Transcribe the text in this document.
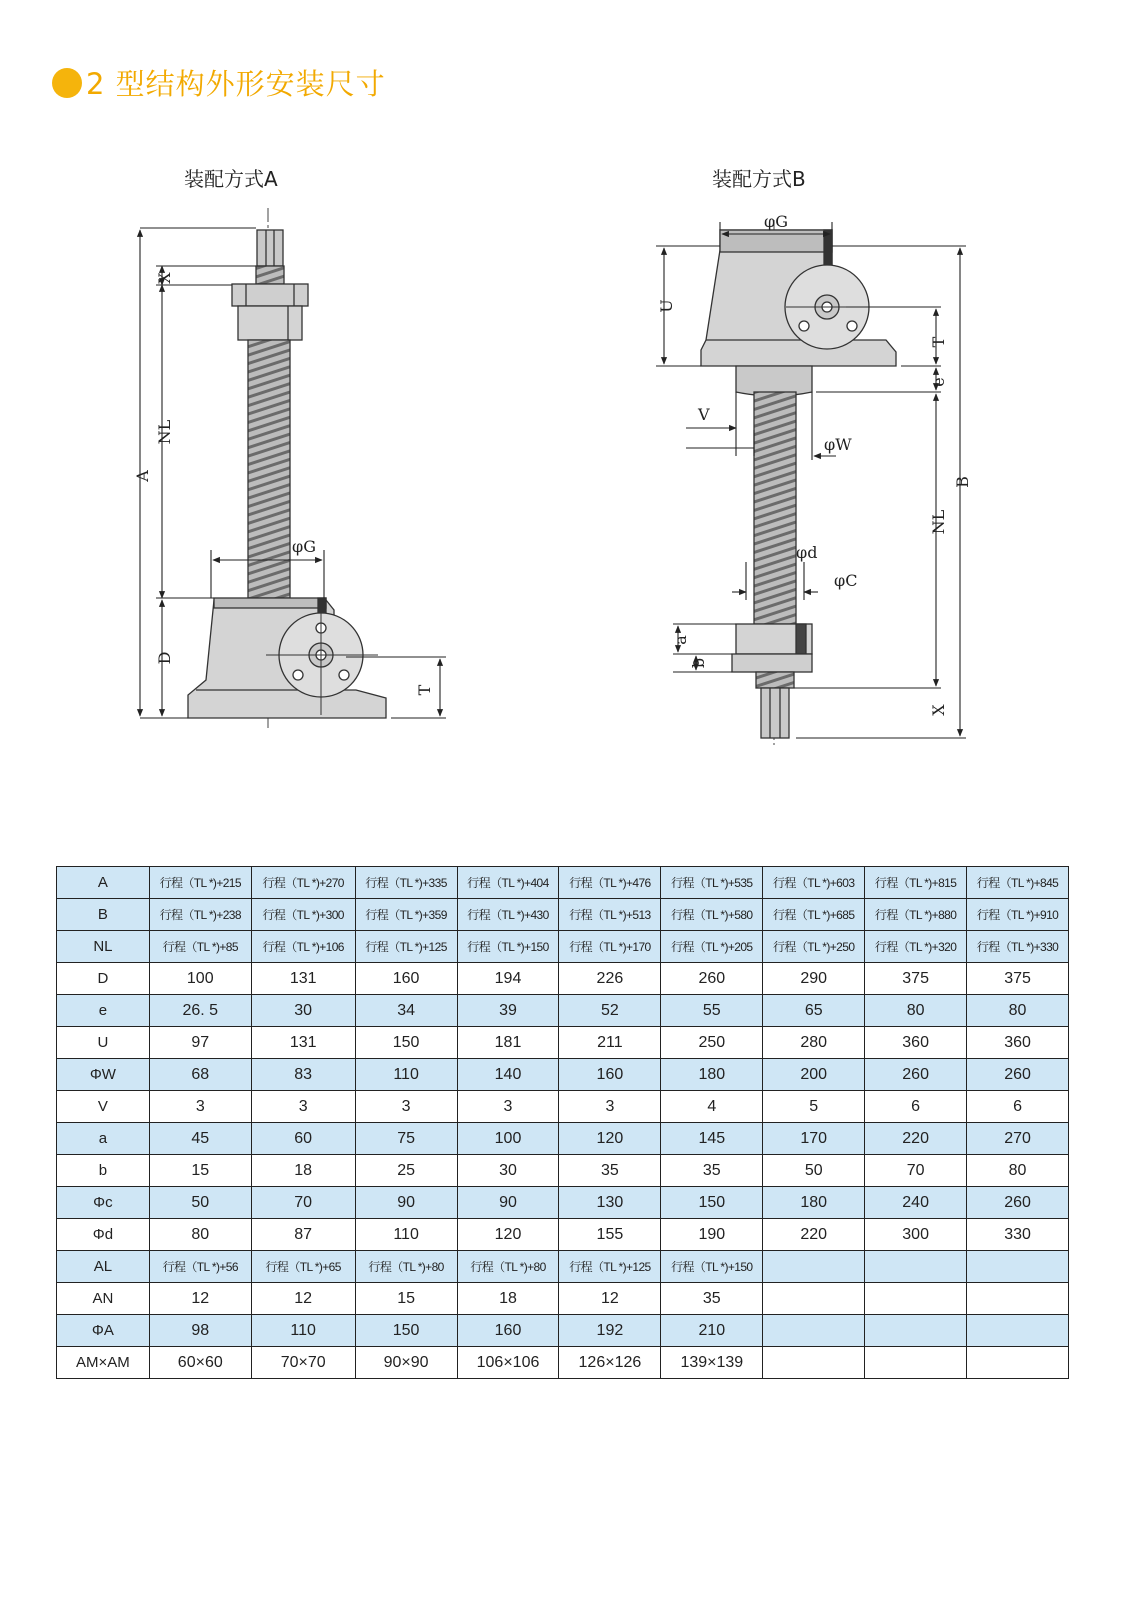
2 型结构外形安装尺寸
装配方式A	装配方式B
A
NL
X
D
T
φG
φG
U
T
e
V
φW
B
NL
φd
φC
a
b
X
A	行程（TL *)+215	行程（TL *)+270	行程（TL *)+335	行程（TL *)+404	行程（TL *)+476	行程（TL *)+535	行程（TL *)+603	行程（TL *)+815	行程（TL *)+845
B	行程（TL *)+238	行程（TL *)+300	行程（TL *)+359	行程（TL *)+430	行程（TL *)+513	行程（TL *)+580	行程（TL *)+685	行程（TL *)+880	行程（TL *)+910
NL	行程（TL *)+85	行程（TL *)+106	行程（TL *)+125	行程（TL *)+150	行程（TL *)+170	行程（TL *)+205	行程（TL *)+250	行程（TL *)+320	行程（TL *)+330
D	100	131	160	194	226	260	290	375	375
e	26. 5	30	34	39	52	55	65	80	80
U	97	131	150	181	211	250	280	360	360
ΦW	68	83	110	140	160	180	200	260	260
V	3	3	3	3	3	4	5	6	6
a	45	60	75	100	120	145	170	220	270
b	15	18	25	30	35	35	50	70	80
Φc	50	70	90	90	130	150	180	240	260
Φd	80	87	110	120	155	190	220	300	330
AL	行程（TL *)+56	行程（TL *)+65	行程（TL *)+80	行程（TL *)+80	行程（TL *)+125	行程（TL *)+150			
AN	12	12	15	18	12	35			
ΦA	98	110	150	160	192	210			
AM×AM	60×60	70×70	90×90	106×106	126×126	139×139			
